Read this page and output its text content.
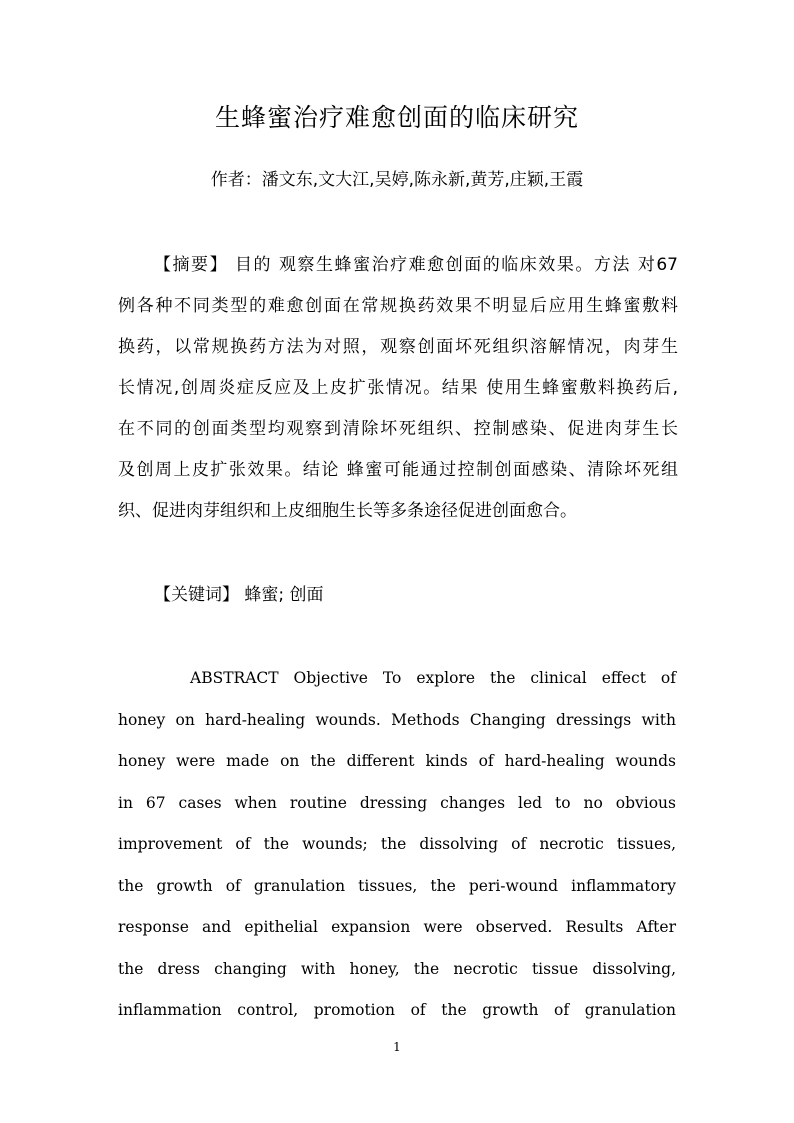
生蜂蜜治疗难愈创面的临床研究
作者：潘文东,文大江,吴婷,陈永新,黄芳,庄颖,王霞
【摘要】 目的 观察生蜂蜜治疗难愈创面的临床效果。方法 对67
例各种不同类型的难愈创面在常规换药效果不明显后应用生蜂蜜敷料
换药，以常规换药方法为对照，观察创面坏死组织溶解情况，肉芽生
长情况,创周炎症反应及上皮扩张情况。结果 使用生蜂蜜敷料换药后,
在不同的创面类型均观察到清除坏死组织、控制感染、促进肉芽生长
及创周上皮扩张效果。结论 蜂蜜可能通过控制创面感染、清除坏死组
织、促进肉芽组织和上皮细胞生长等多条途径促进创面愈合。
【关键词】 蜂蜜; 创面
ABSTRACT Objective To explore the clinical effect of
honey on hard-healing wounds. Methods Changing dressings with
honey were made on the different kinds of hard-healing wounds
in 67 cases when routine dressing changes led to no obvious
improvement of the wounds; the dissolving of necrotic tissues,
the growth of granulation tissues, the peri-wound inflammatory
response and epithelial expansion were observed. Results After
the dress changing with honey, the necrotic tissue dissolving,
inflammation control, promotion of the growth of granulation
1
